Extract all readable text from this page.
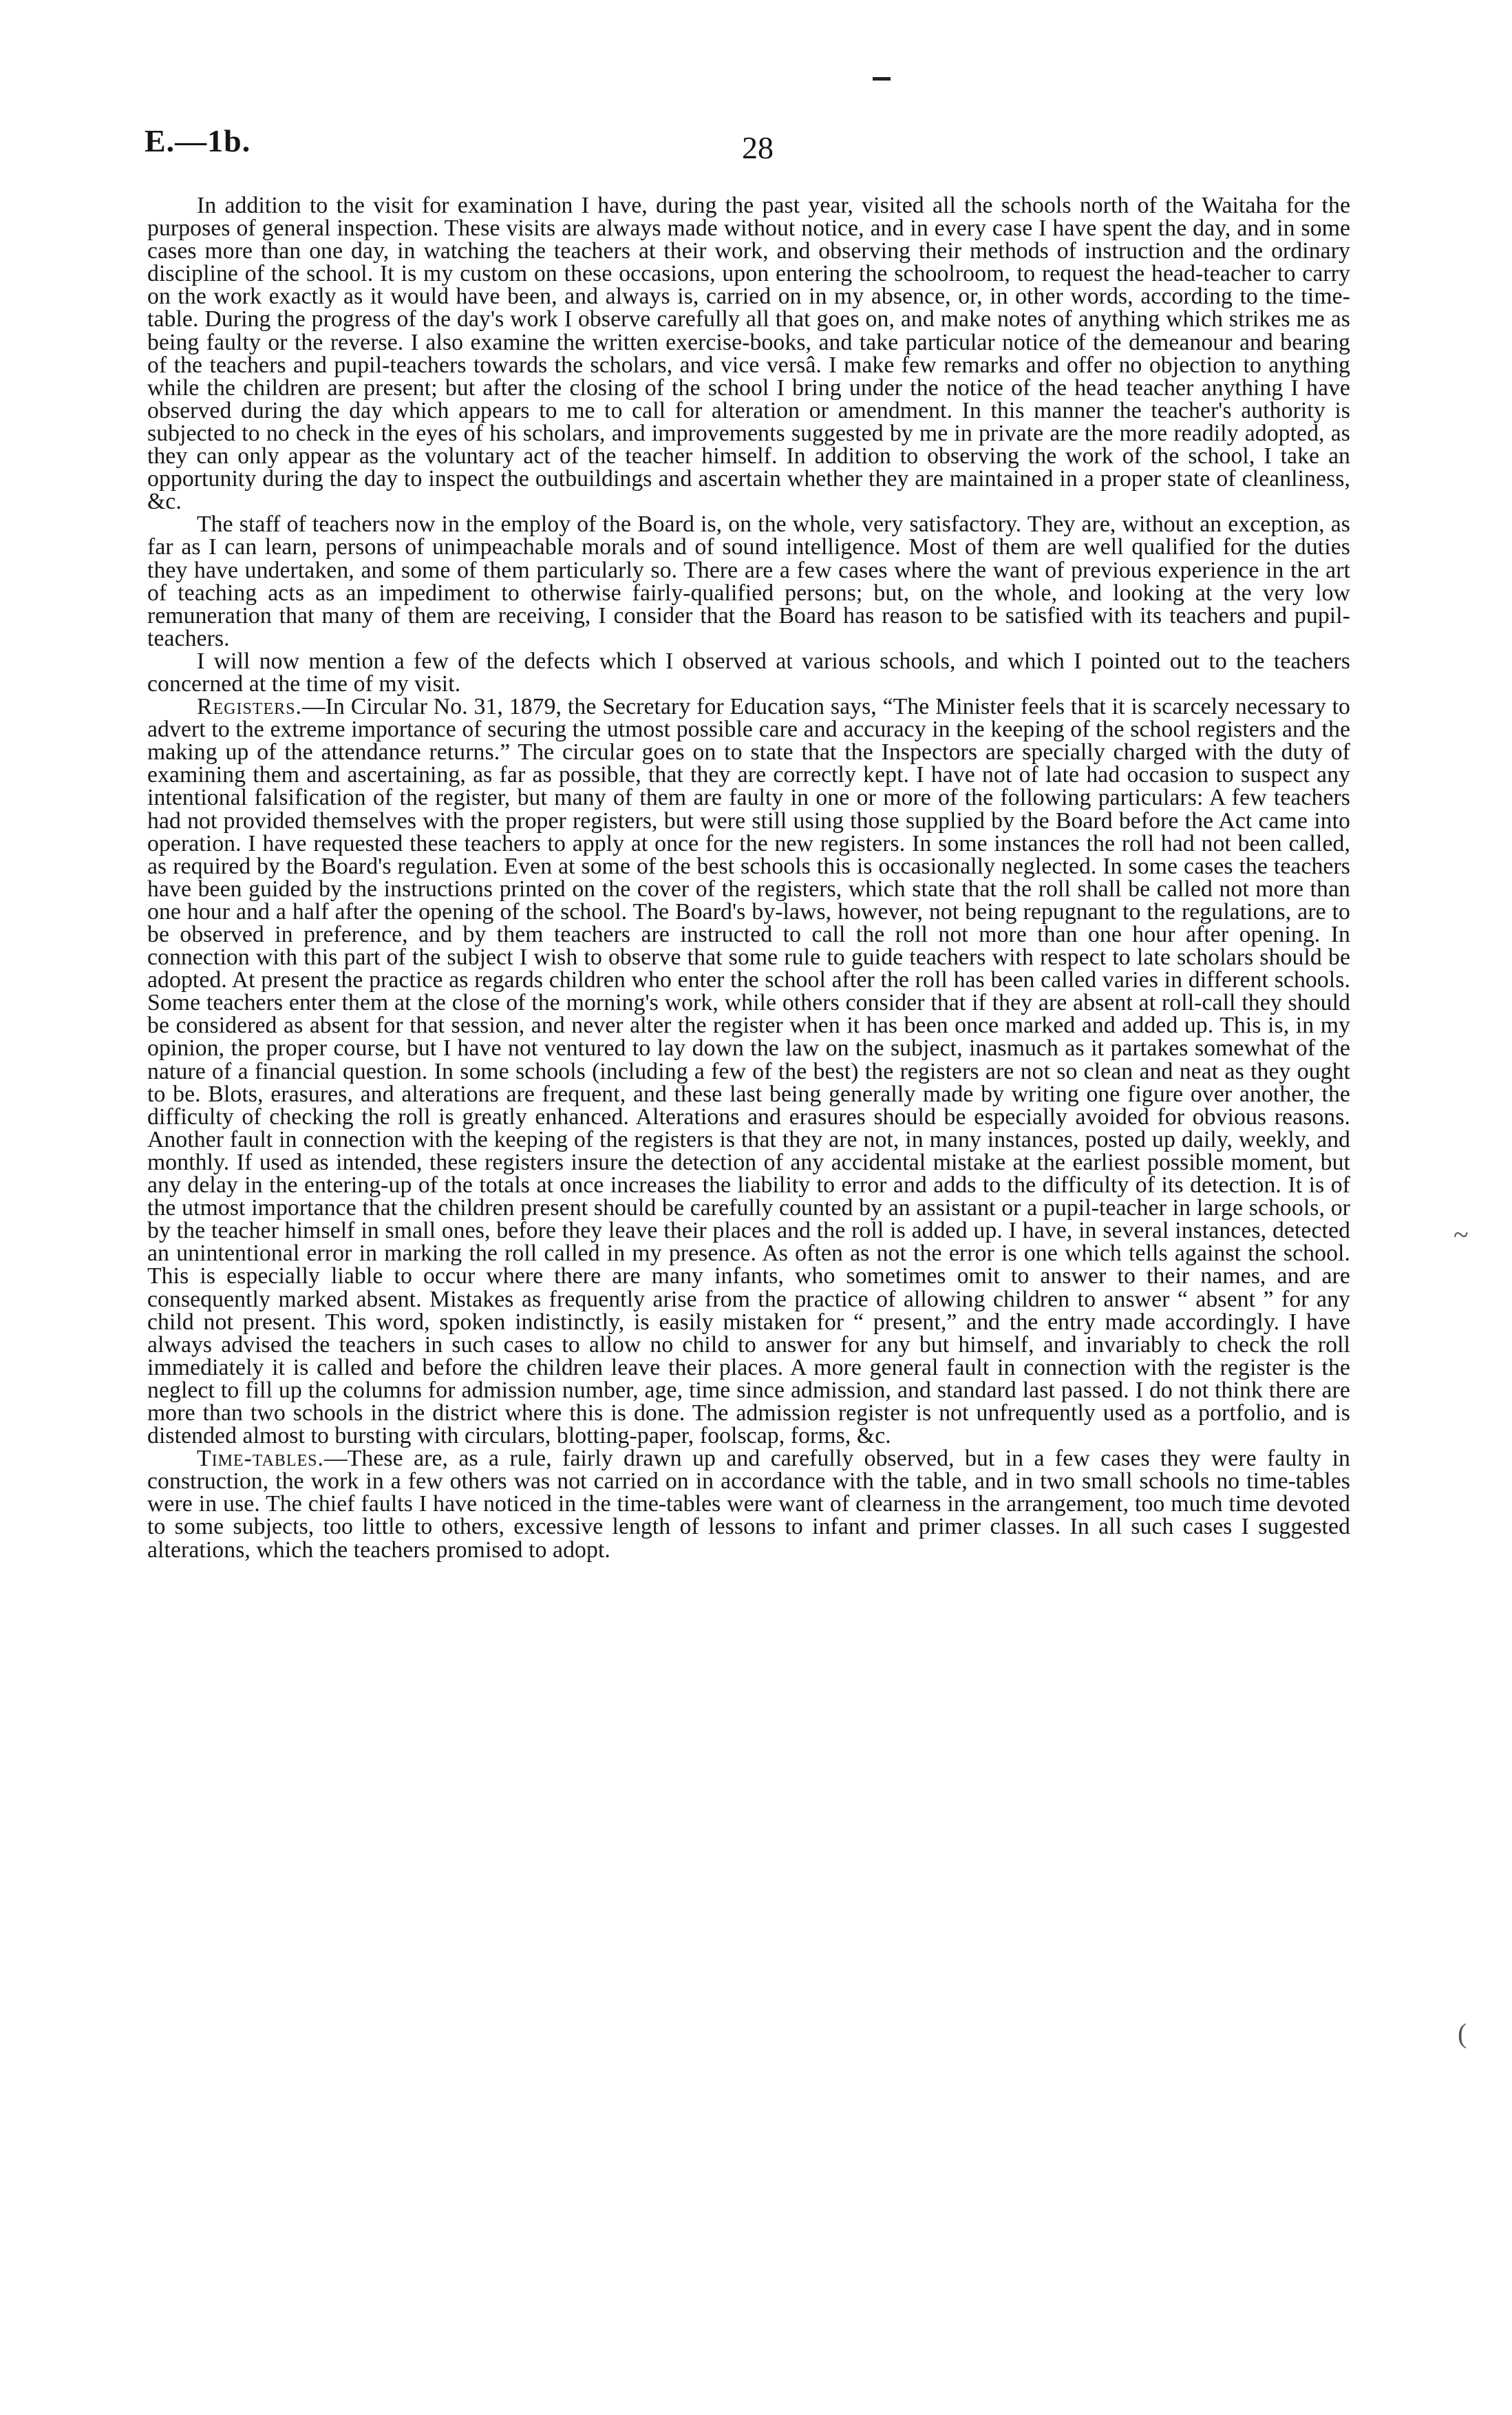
E.—1b.	28

In addition to the visit for examination I have, during the past year, visited all the schools north of the Waitaha for the purposes of general inspection. These visits are always made without notice, and in every case I have spent the day, and in some cases more than one day, in watching the teachers at their work, and observing their methods of instruction and the ordinary discipline of the school. It is my custom on these occasions, upon entering the schoolroom, to request the head-teacher to carry on the work exactly as it would have been, and always is, carried on in my absence, or, in other words, according to the time-table. During the progress of the day's work I observe carefully all that goes on, and make notes of anything which strikes me as being faulty or the reverse. I also examine the written exercise-books, and take particular notice of the demeanour and bearing of the teachers and pupil-teachers towards the scholars, and vice versâ. I make few remarks and offer no objection to anything while the children are present; but after the closing of the school I bring under the notice of the head teacher anything I have observed during the day which appears to me to call for alteration or amendment. In this manner the teacher's authority is subjected to no check in the eyes of his scholars, and improvements suggested by me in private are the more readily adopted, as they can only appear as the voluntary act of the teacher himself. In addition to observing the work of the school, I take an opportunity during the day to inspect the outbuildings and ascertain whether they are maintained in a proper state of cleanliness, &c.

The staff of teachers now in the employ of the Board is, on the whole, very satisfactory. They are, without an exception, as far as I can learn, persons of unimpeachable morals and of sound intelligence. Most of them are well qualified for the duties they have undertaken, and some of them particularly so. There are a few cases where the want of previous experience in the art of teaching acts as an impediment to otherwise fairly-qualified persons; but, on the whole, and looking at the very low remuneration that many of them are receiving, I consider that the Board has reason to be satisfied with its teachers and pupil-teachers.

I will now mention a few of the defects which I observed at various schools, and which I pointed out to the teachers concerned at the time of my visit.

Registers.—In Circular No. 31, 1879, the Secretary for Education says, “The Minister feels that it is scarcely necessary to advert to the extreme importance of securing the utmost possible care and accuracy in the keeping of the school registers and the making up of the attendance returns.” The circular goes on to state that the Inspectors are specially charged with the duty of examining them and ascertaining, as far as possible, that they are correctly kept. I have not of late had occasion to suspect any intentional falsification of the register, but many of them are faulty in one or more of the following particulars: A few teachers had not provided themselves with the proper registers, but were still using those supplied by the Board before the Act came into operation. I have requested these teachers to apply at once for the new registers. In some instances the roll had not been called, as required by the Board's regulation. Even at some of the best schools this is occasionally neglected. In some cases the teachers have been guided by the instructions printed on the cover of the registers, which state that the roll shall be called not more than one hour and a half after the opening of the school. The Board's by-laws, however, not being repugnant to the regulations, are to be observed in preference, and by them teachers are instructed to call the roll not more than one hour after opening. In connection with this part of the subject I wish to observe that some rule to guide teachers with respect to late scholars should be adopted. At present the practice as regards children who enter the school after the roll has been called varies in different schools. Some teachers enter them at the close of the morning's work, while others consider that if they are absent at roll-call they should be considered as absent for that session, and never alter the register when it has been once marked and added up. This is, in my opinion, the proper course, but I have not ventured to lay down the law on the subject, inasmuch as it partakes somewhat of the nature of a financial question. In some schools (including a few of the best) the registers are not so clean and neat as they ought to be. Blots, erasures, and alterations are frequent, and these last being generally made by writing one figure over another, the difficulty of checking the roll is greatly enhanced. Alterations and erasures should be especially avoided for obvious reasons. Another fault in connection with the keeping of the registers is that they are not, in many instances, posted up daily, weekly, and monthly. If used as intended, these registers insure the detection of any accidental mistake at the earliest possible moment, but any delay in the entering-up of the totals at once increases the liability to error and adds to the difficulty of its detection. It is of the utmost importance that the children present should be carefully counted by an assistant or a pupil-teacher in large schools, or by the teacher himself in small ones, before they leave their places and the roll is added up. I have, in several instances, detected an unintentional error in marking the roll called in my presence. As often as not the error is one which tells against the school. This is especially liable to occur where there are many infants, who sometimes omit to answer to their names, and are consequently marked absent. Mistakes as frequently arise from the practice of allowing children to answer “ absent ” for any child not present. This word, spoken indistinctly, is easily mistaken for “ present,” and the entry made accordingly. I have always advised the teachers in such cases to allow no child to answer for any but himself, and invariably to check the roll immediately it is called and before the children leave their places. A more general fault in connection with the register is the neglect to fill up the columns for admission number, age, time since admission, and standard last passed. I do not think there are more than two schools in the district where this is done. The admission register is not unfrequently used as a portfolio, and is distended almost to bursting with circulars, blotting-paper, foolscap, forms, &c.

Time-tables.—These are, as a rule, fairly drawn up and carefully observed, but in a few cases they were faulty in construction, the work in a few others was not carried on in accordance with the table, and in two small schools no time-tables were in use. The chief faults I have noticed in the time-tables were want of clearness in the arrangement, too much time devoted to some subjects, too little to others, excessive length of lessons to infant and primer classes. In all such cases I suggested alterations, which the teachers promised to adopt.

~
(
